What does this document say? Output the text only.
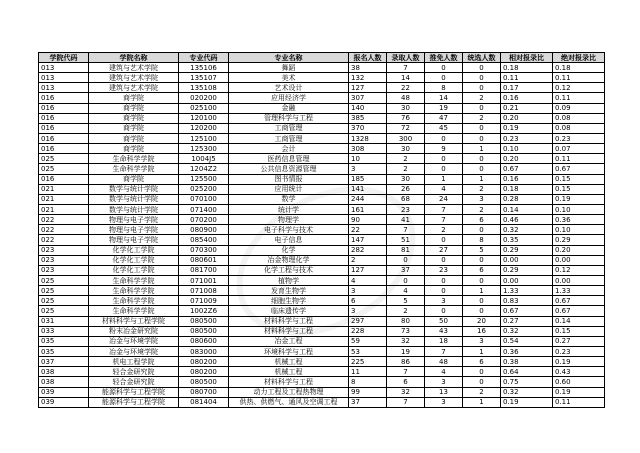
学院代码	学院名称	专业代码	专业名称	报名人数	录取人数	推免人数	统选人数	相对报录比	绝对报录比
013	建筑与艺术学院	135106	舞蹈	38	7	0	0	0.18	0.18
013	建筑与艺术学院	135107	美术	132	14	0	0	0.11	0.11
013	建筑与艺术学院	135108	艺术设计	127	22	8	0	0.17	0.12
016	商学院	020200	应用经济学	307	48	14	2	0.16	0.11
016	商学院	025100	金融	140	30	19	0	0.21	0.09
016	商学院	120100	管理科学与工程	385	76	47	2	0.20	0.08
016	商学院	120200	工商管理	370	72	45	0	0.19	0.08
016	商学院	125100	工商管理	1328	300	0	0	0.23	0.23
016	商学院	125300	会计	308	30	9	1	0.10	0.07
025	生命科学学院	1004J5	医药信息管理	10	2	0	0	0.20	0.11
025	生命科学学院	1204Z2	公共信息资源管理	3	2	0	0	0.67	0.67
016	商学院	125500	图书情报	185	30	1	1	0.16	0.15
021	数学与统计学院	025200	应用统计	141	26	4	2	0.18	0.15
021	数学与统计学院	070100	数学	244	68	24	3	0.28	0.19
021	数学与统计学院	071400	统计学	161	23	7	2	0.14	0.10
022	物理与电子学院	070200	物理学	90	41	7	6	0.46	0.36
022	物理与电子学院	080900	电子科学与技术	22	7	2	0	0.32	0.10
022	物理与电子学院	085400	电子信息	147	51	0	8	0.35	0.29
023	化学化工学院	070300	化学	282	81	27	5	0.29	0.20
023	化学化工学院	080601	冶金物理化学	2	0	0	0	0.00	0.00
023	化学化工学院	081700	化学工程与技术	127	37	23	6	0.29	0.12
025	生命科学学院	071001	植物学	4	0	0	0	0.00	0.00
025	生命科学学院	071008	发育生物学	3	4	0	1	1.33	1.33
025	生命科学学院	071009	细胞生物学	6	5	3	0	0.83	0.67
025	生命科学学院	1002Z6	临床遗传学	3	2	0	0	0.67	0.67
031	材料科学与工程学院	080500	材料科学与工程	297	80	50	20	0.27	0.14
033	粉末冶金研究院	080500	材料科学与工程	228	73	43	16	0.32	0.15
035	冶金与环境学院	080600	冶金工程	59	32	18	3	0.54	0.27
035	冶金与环境学院	083000	环境科学与工程	53	19	7	1	0.36	0.23
037	机电工程学院	080200	机械工程	225	86	48	6	0.38	0.19
038	轻合金研究院	080200	机械工程	11	7	4	0	0.64	0.43
038	轻合金研究院	080500	材料科学与工程	8	6	3	0	0.75	0.60
039	能源科学与工程学院	080700	动力工程及工程热物理	99	32	13	2	0.32	0.19
039	能源科学与工程学院	081404	供热、供燃气、通风及空调工程	37	7	3	1	0.19	0.11
